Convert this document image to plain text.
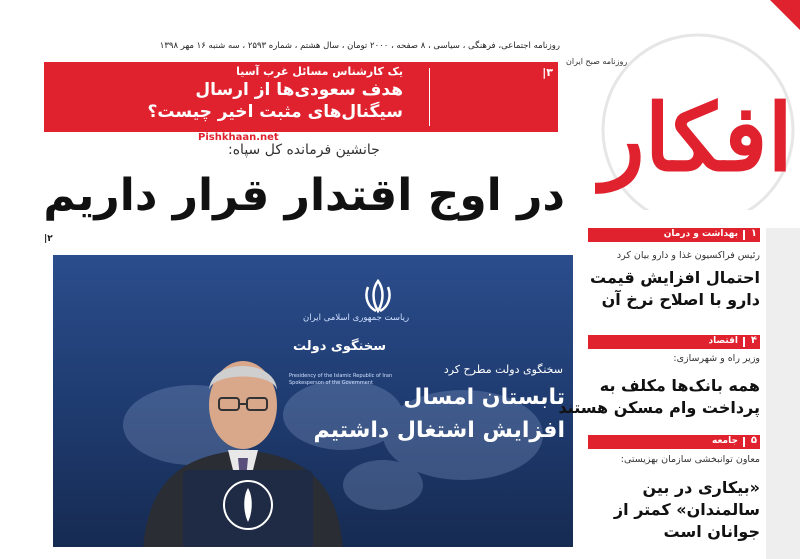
روزنامه اجتماعی، فرهنگی ، سیاسی ، ۸ صفحه ، ۲۰۰۰ تومان ، سال هشتم ، شماره ۲۵۹۳ ، سه شنبه ۱۶ مهر ۱۳۹۸
افکار
روزنامه صبح ایران
۳|
یک کارشناس مسائل غرب آسیا
هدف سعودی‌ها از ارسال
سیگنال‌های مثبت اخیر چیست؟
Pishkhaan.net
جانشین فرمانده کل سپاه:
در اوج اقتدار قرار داریم
۲|
ریاست جمهوری اسلامی ایران
سخنگوی دولت
Presidency of the Islamic Republic of Iran Spokesperson of the Government
سخنگوی دولت مطرح کرد
تابستان امسال
افزایش اشتغال داشتیم
۱
بهداشت و درمان
رئیس فراکسیون غذا و دارو بیان کرد
احتمال افزایش قیمت
دارو با اصلاح نرخ آن
۴
اقتصاد
وزیر راه و شهرسازی:
همه بانک‌ها مکلف به
پرداخت وام مسکن هستند
۵
جامعه
معاون توانبخشی سازمان بهزیستی:
«بیکاری در بین
سالمندان» کمتر از
جوانان است
